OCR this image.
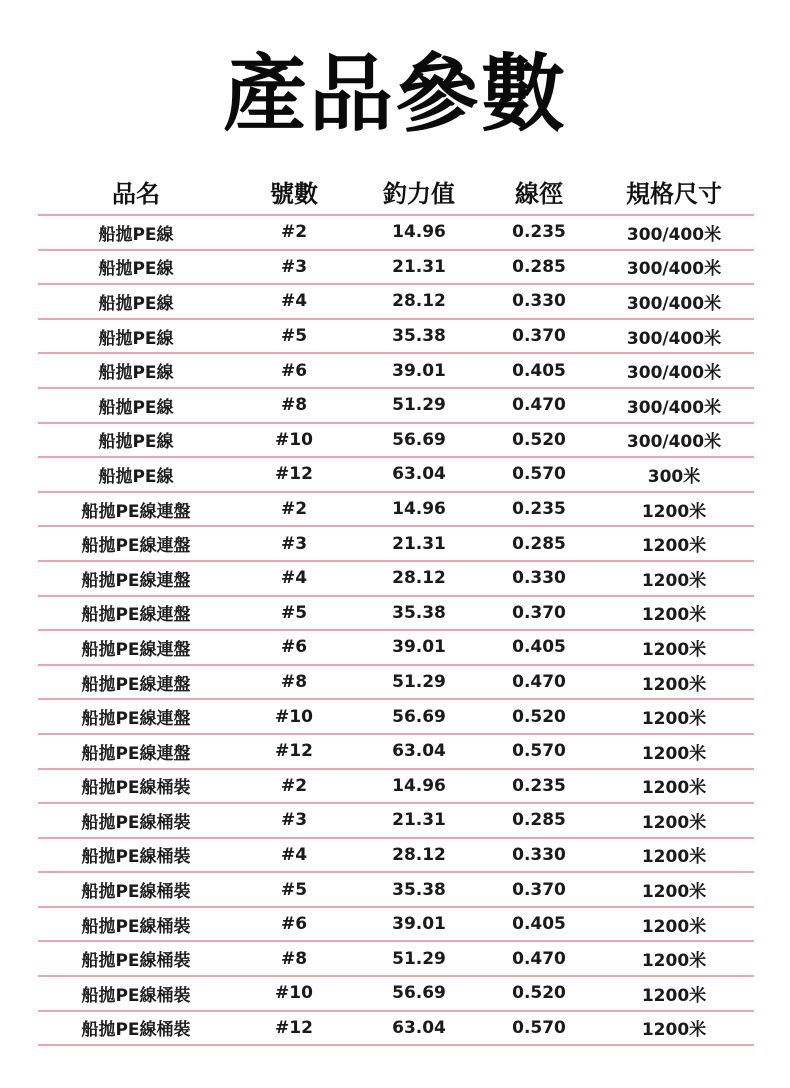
產品參數
品名	號數	釣力值	線徑	規格尺寸
船拋PE線	#2	14.96	0.235	300/400米
船拋PE線	#3	21.31	0.285	300/400米
船拋PE線	#4	28.12	0.330	300/400米
船拋PE線	#5	35.38	0.370	300/400米
船拋PE線	#6	39.01	0.405	300/400米
船拋PE線	#8	51.29	0.470	300/400米
船拋PE線	#10	56.69	0.520	300/400米
船拋PE線	#12	63.04	0.570	300米
船拋PE線連盤	#2	14.96	0.235	1200米
船拋PE線連盤	#3	21.31	0.285	1200米
船拋PE線連盤	#4	28.12	0.330	1200米
船拋PE線連盤	#5	35.38	0.370	1200米
船拋PE線連盤	#6	39.01	0.405	1200米
船拋PE線連盤	#8	51.29	0.470	1200米
船拋PE線連盤	#10	56.69	0.520	1200米
船拋PE線連盤	#12	63.04	0.570	1200米
船拋PE線桶裝	#2	14.96	0.235	1200米
船拋PE線桶裝	#3	21.31	0.285	1200米
船拋PE線桶裝	#4	28.12	0.330	1200米
船拋PE線桶裝	#5	35.38	0.370	1200米
船拋PE線桶裝	#6	39.01	0.405	1200米
船拋PE線桶裝	#8	51.29	0.470	1200米
船拋PE線桶裝	#10	56.69	0.520	1200米
船拋PE線桶裝	#12	63.04	0.570	1200米
